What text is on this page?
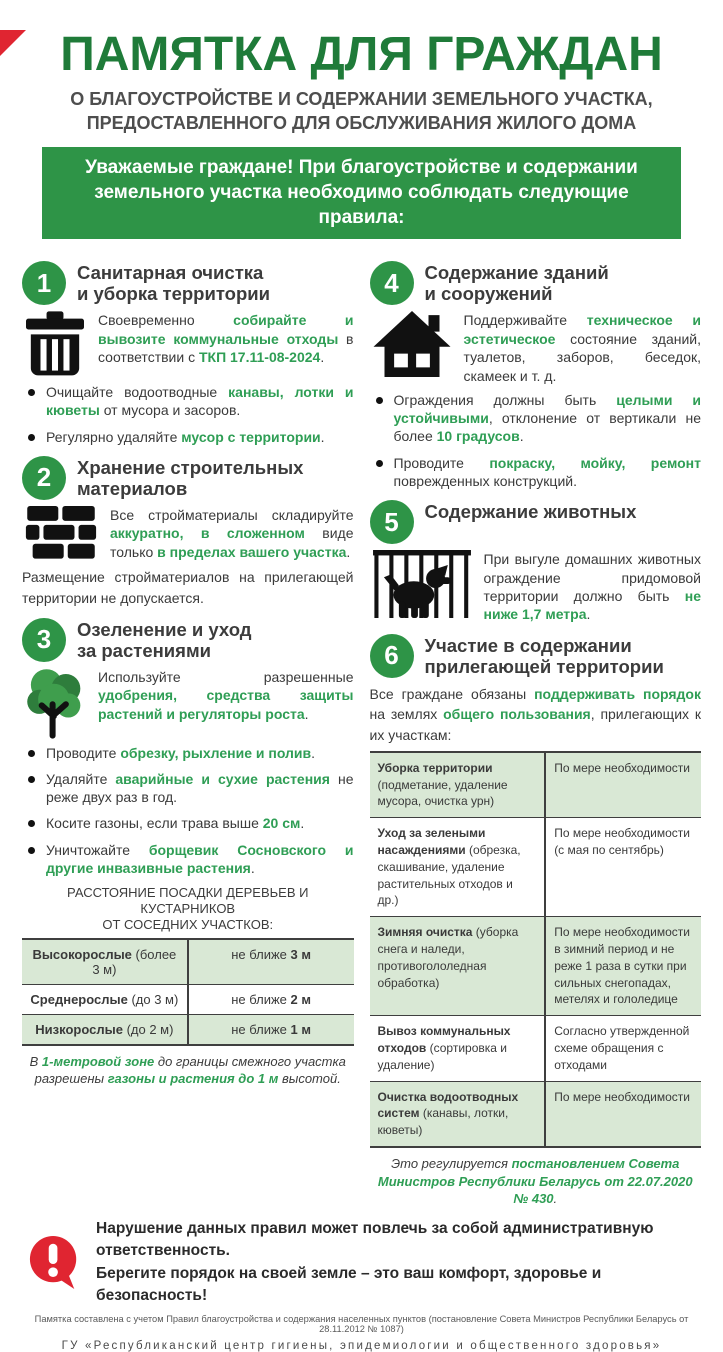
ПАМЯТКА ДЛЯ ГРАЖДАН
О БЛАГОУСТРОЙСТВЕ И СОДЕРЖАНИИ ЗЕМЕЛЬНОГО УЧАСТКА,
ПРЕДОСТАВЛЕННОГО ДЛЯ ОБСЛУЖИВАНИЯ ЖИЛОГО ДОМА
Уважаемые граждане! При благоустройстве и содержании земельного участка необходимо соблюдать следующие правила:
1	Санитарная очистка
и уборка территории

Своевременно собирайте и вывозите коммунальные отходы в соответствии с ТКП 17.11-08-2024.

Очищайте водоотводные канавы, лотки и кюветы от мусора и засоров.
Регулярно удаляйте мусор с территории.
2	Хранение строительных
материалов

Все стройматериалы складируйте аккуратно, в сложенном виде только в пределах вашего участка.

Размещение стройматериалов на прилегающей территории не допускается.

3	Озеленение и уход
за растениями

Используйте разрешенные удобрения, средства защиты растений и регуляторы роста.

Проводите обрезку, рыхление и полив.
Удаляйте аварийные и сухие растения не реже двух раз в год.
Косите газоны, если трава выше 20 см.
Уничтожайте борщевик Сосновского и другие инвазивные растения.
РАССТОЯНИЕ ПОСАДКИ ДЕРЕВЬЕВ И КУСТАРНИКОВ
ОТ СОСЕДНИХ УЧАСТКОВ:
Высокорослые (более 3 м)	не ближе 3 м
Среднерослые (до 3 м)	не ближе 2 м
Низкорослые (до 2 м)	не ближе 1 м
В 1-метровой зоне до границы смежного участка разрешены газоны и растения до 1 м высотой.
4	Содержание зданий
и сооружений

Поддерживайте техническое и эстетическое состояние зданий, туалетов, заборов, беседок, скамеек и т. д.

Ограждения должны быть целыми и устойчивыми, отклонение от вертикали не более 10 градусов.
Проводите покраску, мойку, ремонт поврежденных конструкций.
5	Содержание животных

При выгуле домашних животных ограждение придомовой территории должно быть не ниже 1,7 метра.

6	Участие в содержании
прилегающей территории

Все граждане обязаны поддерживать порядок на землях общего пользования, прилегающих к их участкам:

Уборка территории (подметание, удаление мусора, очистка урн)	По мере необходимости
Уход за зелеными насаждениями (обрезка, скашивание, удаление растительных отходов и др.)	По мере необходимости (с мая по сентябрь)
Зимняя очистка (уборка снега и наледи, противогололедная обработка)	По мере необходимости в зимний период и не реже 1 раза в сутки при сильных снегопадах, метелях и гололедице
Вывоз коммунальных отходов (сортировка и удаление)	Согласно утвержденной схеме обращения с отходами
Очистка водоотводных систем (канавы, лотки, кюветы)	По мере необходимости
Это регулируется постановлением Совета Министров Республики Беларусь от 22.07.2020 № 430.
Нарушение данных правил может повлечь за собой административную ответственность.
Берегите порядок на своей земле – это ваш комфорт, здоровье и безопасность!
Памятка составлена с учетом Правил благоустройства и содержания населенных пунктов (постановление Совета Министров Республики Беларусь от 28.11.2012 № 1087)
ГУ «Республиканский центр гигиены, эпидемиологии и общественного здоровья»
